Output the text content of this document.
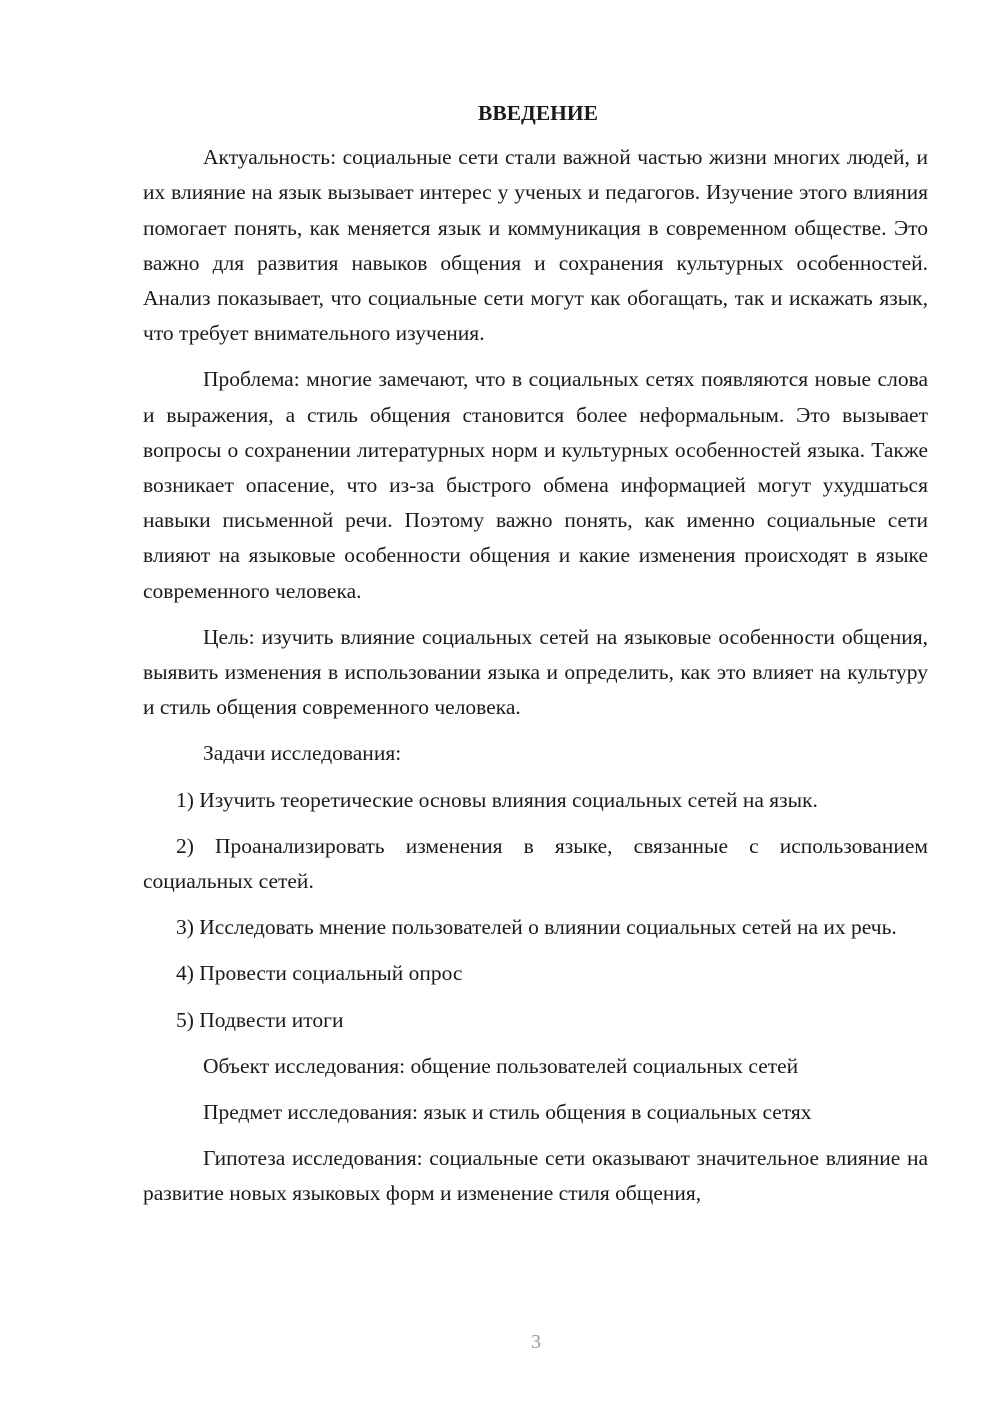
ВВЕДЕНИЕ

Актуальность: социальные сети стали важной частью жизни многих людей, и их влияние на язык вызывает интерес у ученых и педагогов. Изучение этого влияния помогает понять, как меняется язык и коммуникация в современном обществе. Это важно для развития навыков общения и сохранения культурных особенностей. Анализ показывает, что социальные сети могут как обогащать, так и искажать язык, что требует внимательного изучения.

Проблема: многие замечают, что в социальных сетях появляются новые слова и выражения, а стиль общения становится более неформальным. Это вызывает вопросы о сохранении литературных норм и культурных особенностей языка. Также возникает опасение, что из-за быстрого обмена информацией могут ухудшаться навыки письменной речи. Поэтому важно понять, как именно социальные сети влияют на языковые особенности общения и какие изменения происходят в языке современного человека.

Цель: изучить влияние социальных сетей на языковые особенности общения, выявить изменения в использовании языка и определить, как это влияет на культуру и стиль общения современного человека.

Задачи исследования:

1) Изучить теоретические основы влияния социальных сетей на язык.

2) Проанализировать изменения в языке, связанные с использованием социальных сетей.

3) Исследовать мнение пользователей о влиянии социальных сетей на их речь.

4) Провести социальный опрос

5) Подвести итоги

Объект исследования: общение пользователей социальных сетей

Предмет исследования: язык и стиль общения в социальных сетях

Гипотеза исследования: социальные сети оказывают значительное влияние на развитие новых языковых форм и изменение стиля общения,

3
